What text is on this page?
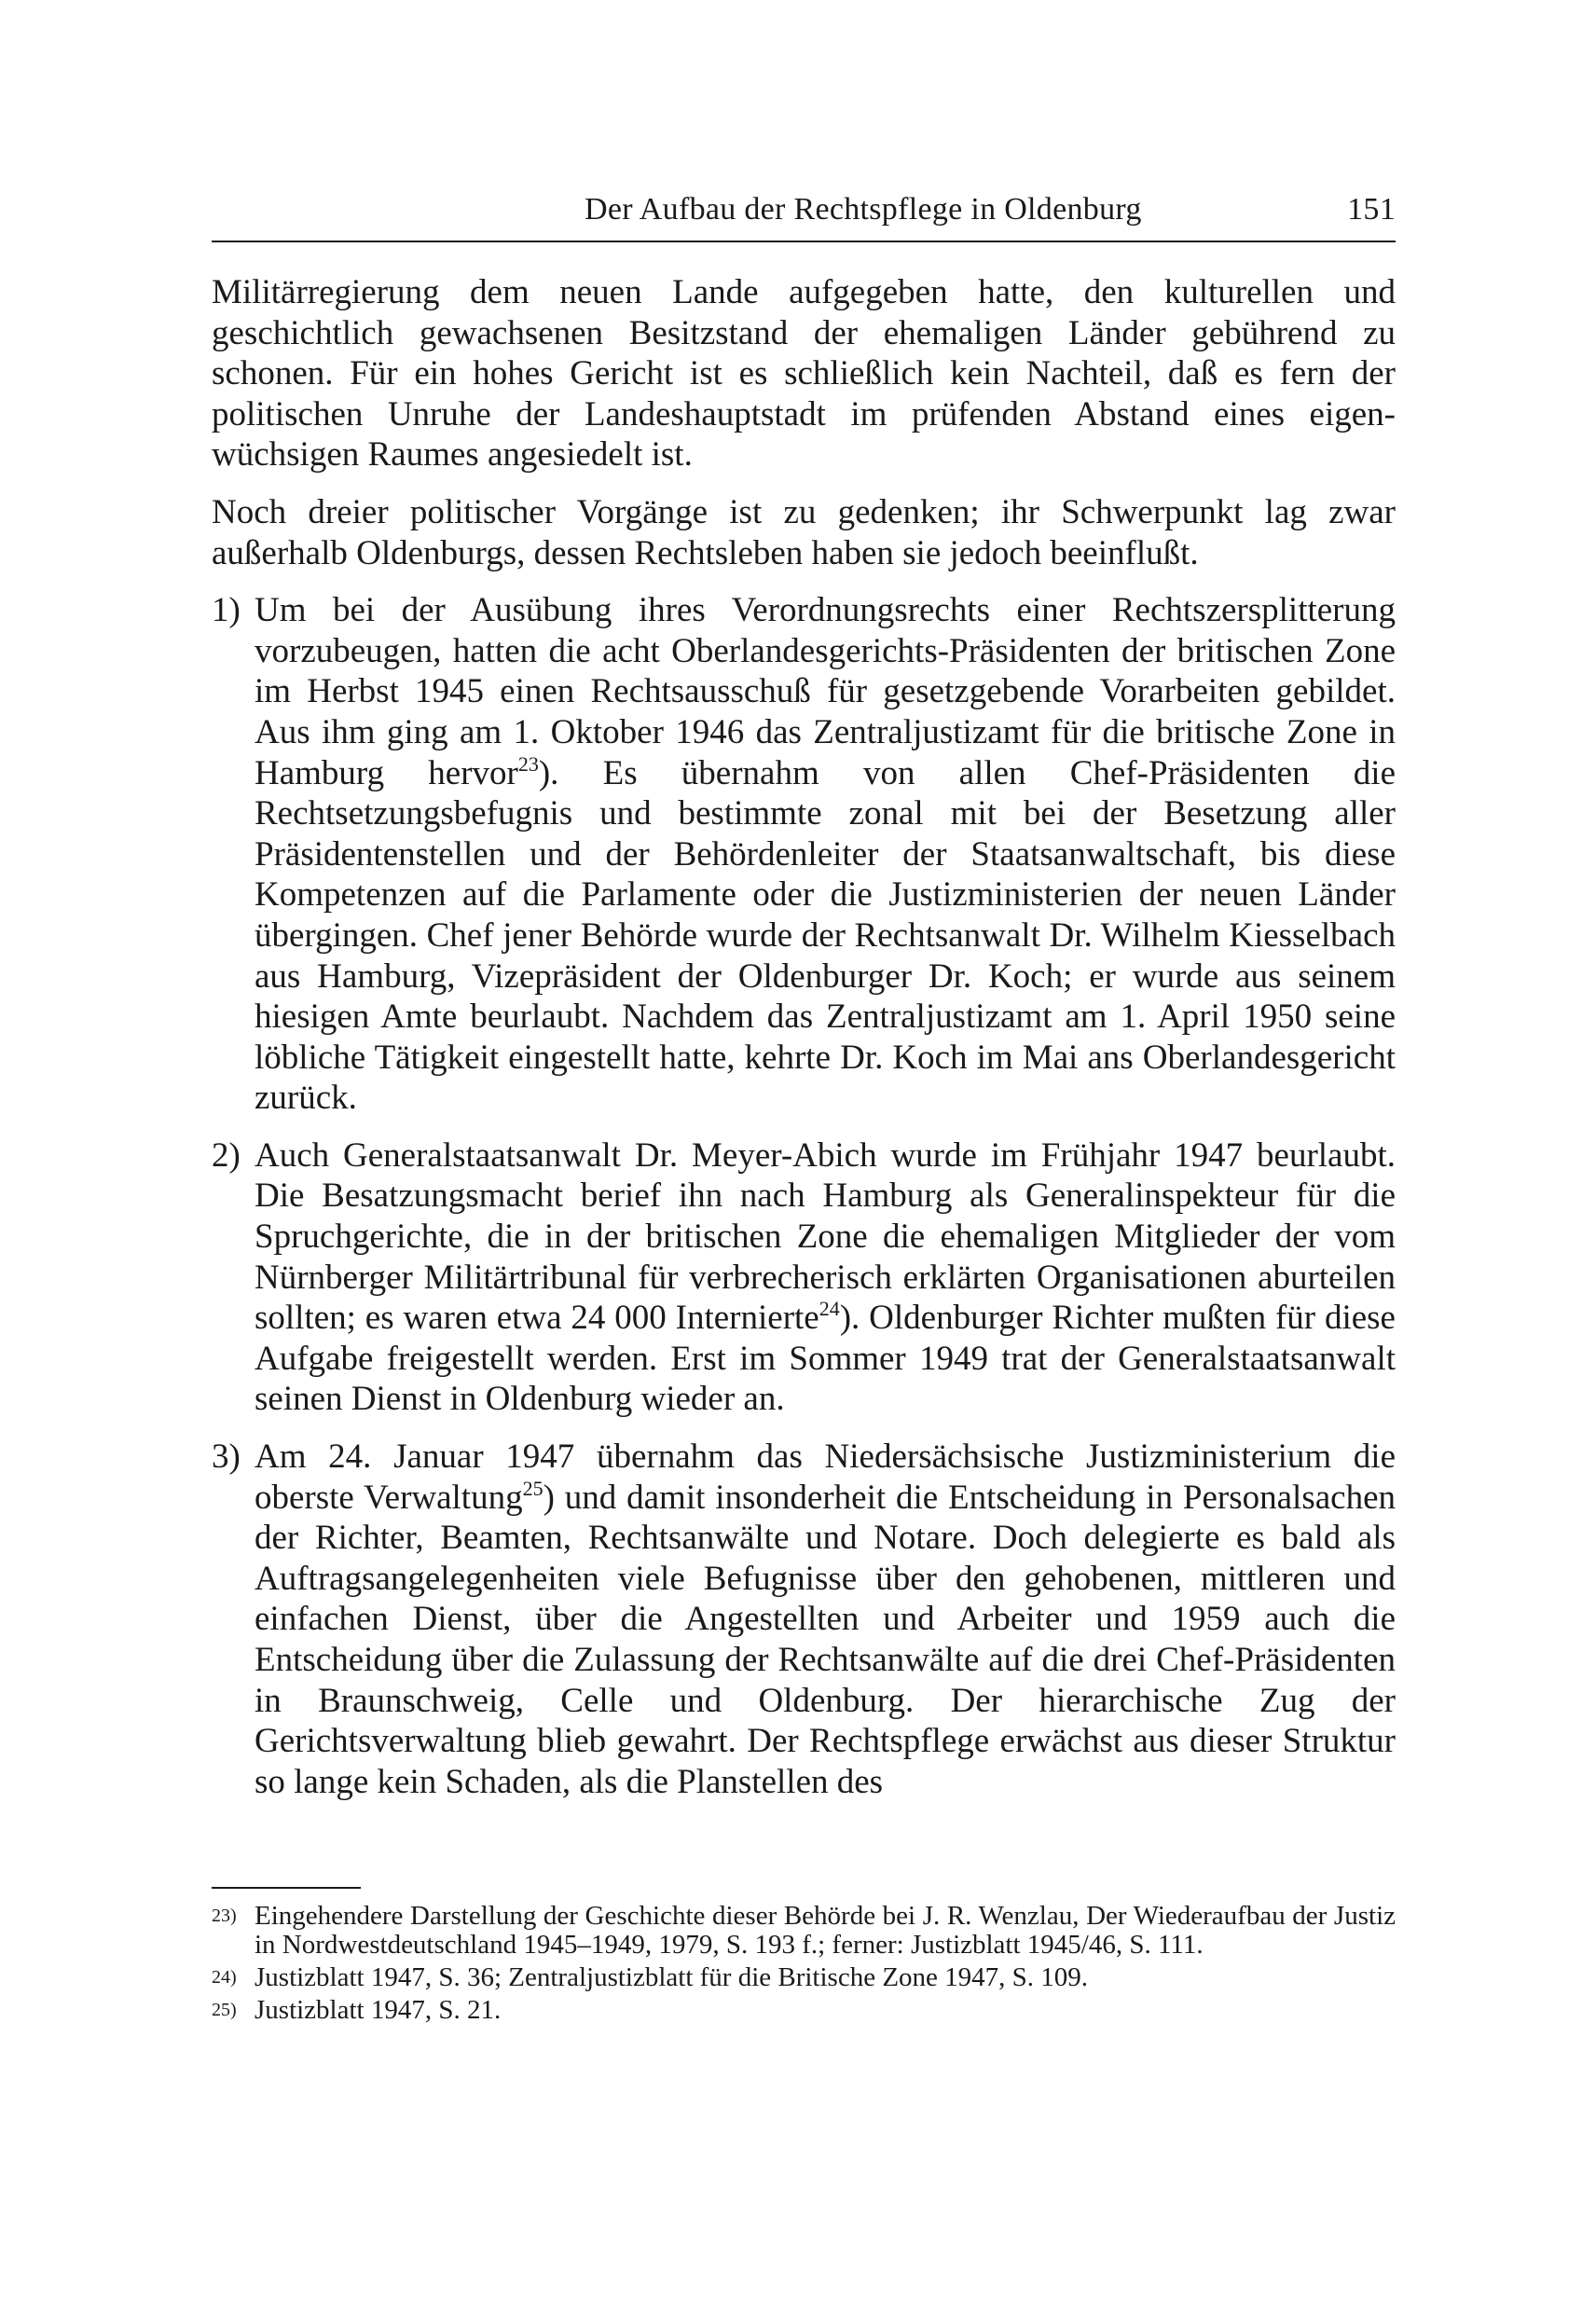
Der Aufbau der Rechtspflege in Oldenburg	151

Militärregierung dem neuen Lande aufgegeben hatte, den kulturellen und geschichtlich gewachsenen Besitzstand der ehemaligen Länder gebührend zu schonen. Für ein hohes Gericht ist es schließlich kein Nachteil, daß es fern der politischen Unruhe der Landeshauptstadt im prüfenden Abstand eines eigenwüchsigen Raumes angesiedelt ist.

Noch dreier politischer Vorgänge ist zu gedenken; ihr Schwerpunkt lag zwar außerhalb Oldenburgs, dessen Rechtsleben haben sie jedoch beeinflußt.

1) Um bei der Ausübung ihres Verordnungsrechts einer Rechtszersplitterung vorzubeugen, hatten die acht Oberlandesgerichts-Präsidenten der britischen Zone im Herbst 1945 einen Rechtsausschuß für gesetzgebende Vorarbeiten gebildet. Aus ihm ging am 1. Oktober 1946 das Zentraljustizamt für die britische Zone in Hamburg hervor$^{23}$). Es übernahm von allen Chef-Präsidenten die Rechtsetzungsbefugnis und bestimmte zonal mit bei der Besetzung aller Präsidentenstellen und der Behördenleiter der Staatsanwaltschaft, bis diese Kompetenzen auf die Parlamente oder die Justizministerien der neuen Länder übergingen. Chef jener Behörde wurde der Rechtsanwalt Dr. Wilhelm Kiesselbach aus Hamburg, Vizepräsident der Oldenburger Dr. Koch; er wurde aus seinem hiesigen Amte beurlaubt. Nachdem das Zentraljustizamt am 1. April 1950 seine löbliche Tätigkeit eingestellt hatte, kehrte Dr. Koch im Mai ans Oberlandesgericht zurück.
2) Auch Generalstaatsanwalt Dr. Meyer-Abich wurde im Frühjahr 1947 beurlaubt. Die Besatzungsmacht berief ihn nach Hamburg als Generalinspekteur für die Spruchgerichte, die in der britischen Zone die ehemaligen Mitglieder der vom Nürnberger Militärtribunal für verbrecherisch erklärten Organisationen aburteilen sollten; es waren etwa 24 000 Internierte$^{24}$). Oldenburger Richter mußten für diese Aufgabe freigestellt werden. Erst im Sommer 1949 trat der Generalstaatsanwalt seinen Dienst in Oldenburg wieder an.
3) Am 24. Januar 1947 übernahm das Niedersächsische Justizministerium die oberste Verwaltung$^{25}$) und damit insonderheit die Entscheidung in Personalsachen der Richter, Beamten, Rechtsanwälte und Notare. Doch delegierte es bald als Auftragsangelegenheiten viele Befugnisse über den gehobenen, mittleren und einfachen Dienst, über die Angestellten und Arbeiter und 1959 auch die Entscheidung über die Zulassung der Rechtsanwälte auf die drei Chef-Präsidenten in Braunschweig, Celle und Oldenburg. Der hierarchische Zug der Gerichtsverwaltung blieb gewahrt. Der Rechtspflege erwächst aus dieser Struktur so lange kein Schaden, als die Planstellen des
23) Eingehendere Darstellung der Geschichte dieser Behörde bei J. R. Wenzlau, Der Wiederaufbau der Justiz in Nordwestdeutschland 1945–1949, 1979, S. 193 f.; ferner: Justizblatt 1945/46, S. 111.
24) Justizblatt 1947, S. 36; Zentraljustizblatt für die Britische Zone 1947, S. 109.
25) Justizblatt 1947, S. 21.
